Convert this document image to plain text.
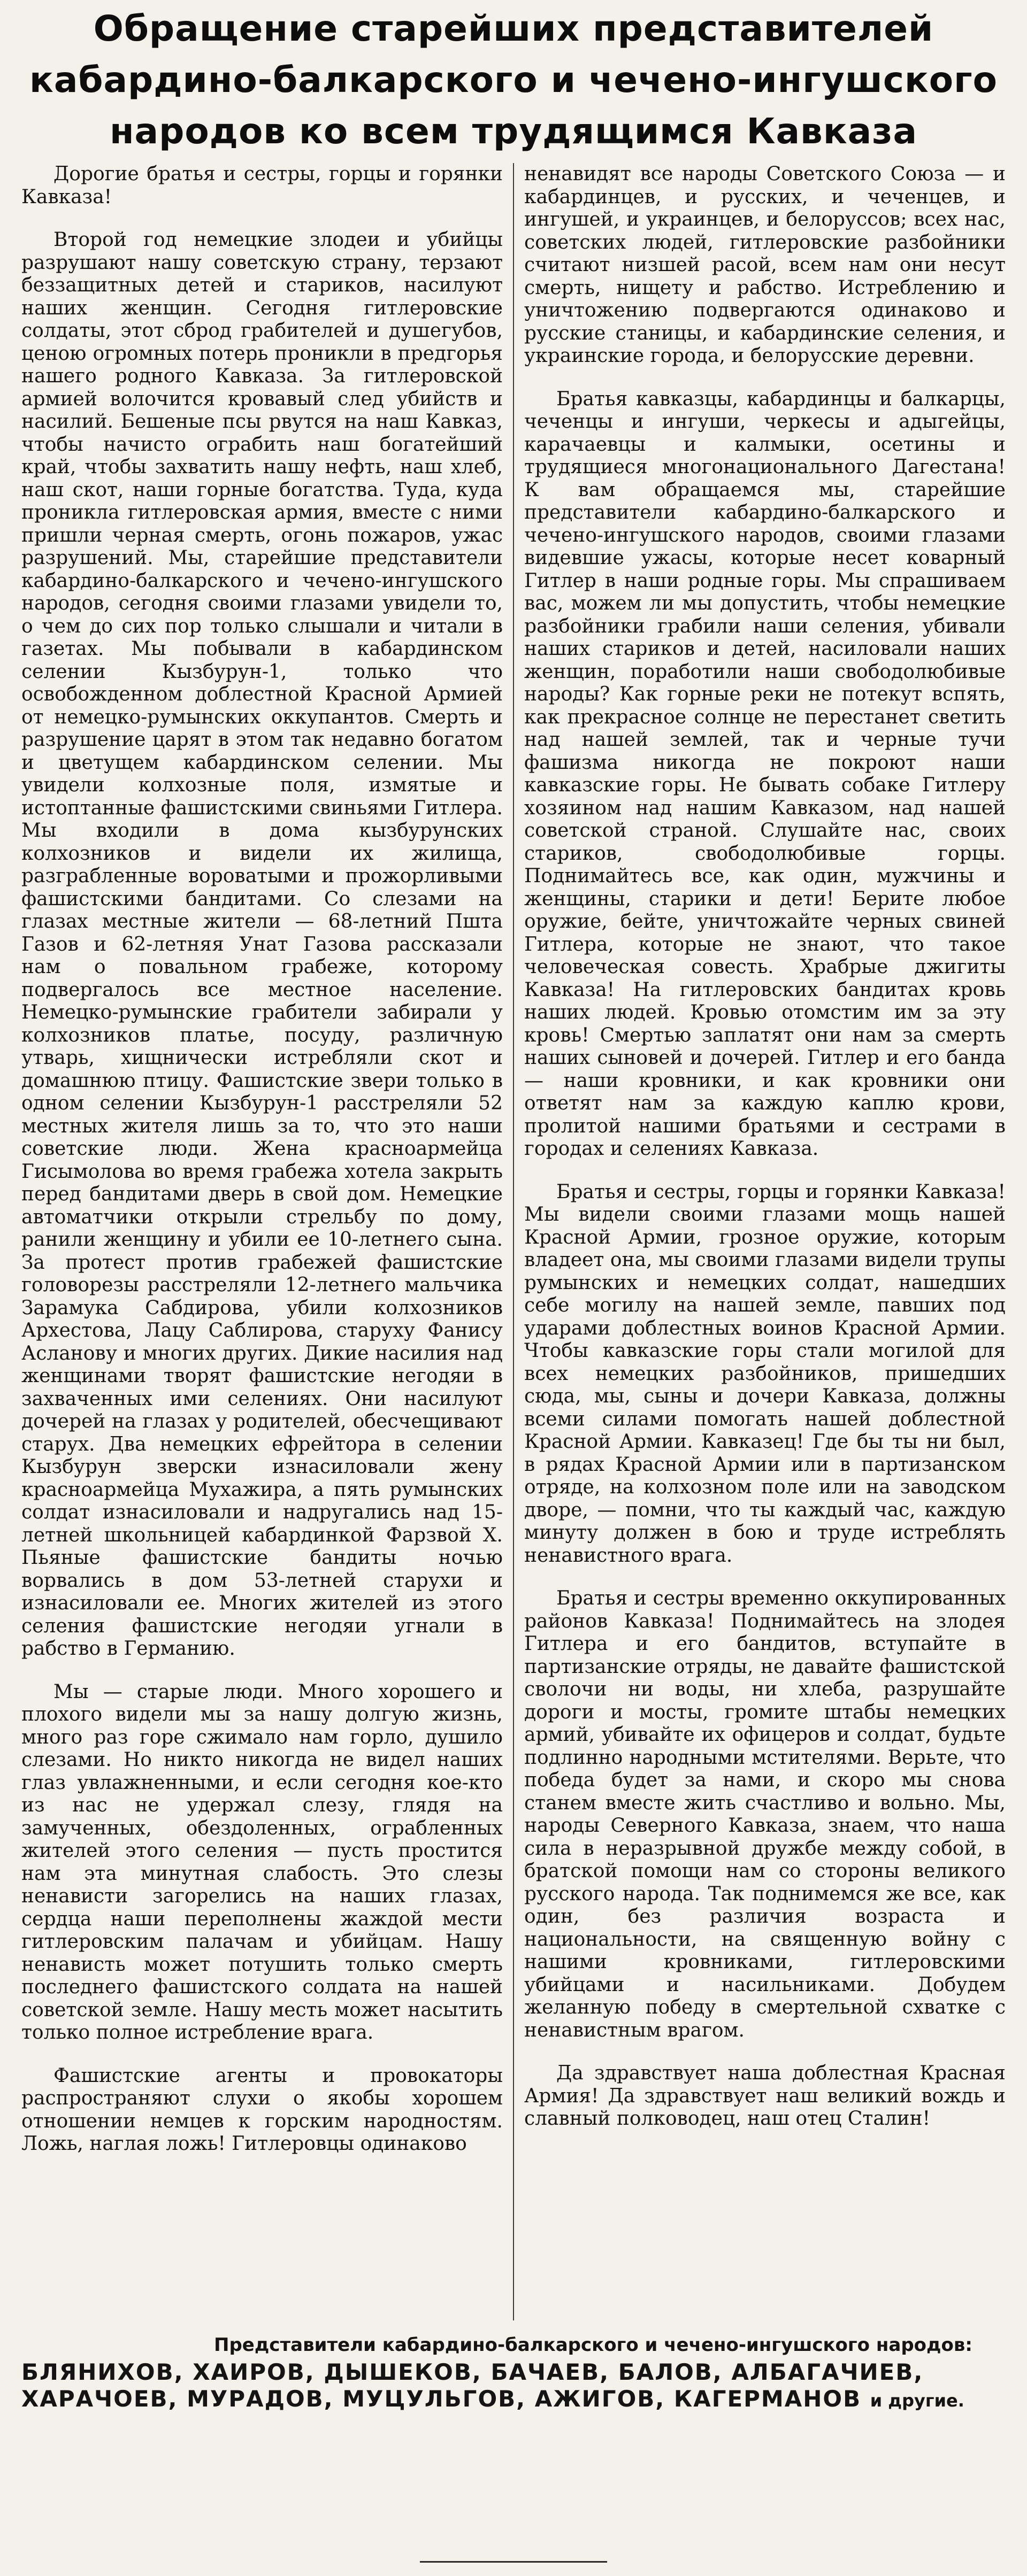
Обращение старейших представителей
кабардино-балкарского и чечено-ингушского
народов ко всем трудящимся Кавказа

Дорогие братья и сестры, горцы и горянки Кавказа!

Второй год немецкие злодеи и убийцы разрушают нашу советскую страну, терзают беззащитных детей и стариков, насилуют наших женщин. Сегодня гитлеровские солдаты, этот сброд грабителей и душегубов, ценою огромных потерь проникли в предгорья нашего родного Кавказа. За гитлеровской армией волочится кровавый след убийств и насилий. Бешеные псы рвутся на наш Кавказ, чтобы начисто ограбить наш богатейший край, чтобы захватить нашу нефть, наш хлеб, наш скот, наши горные богатства. Туда, куда проникла гитлеровская армия, вместе с ними пришли черная смерть, огонь пожаров, ужас разрушений. Мы, старейшие представители кабардино-балкарского и чечено-ингушского народов, сегодня своими глазами увидели то, о чем до сих пор только слышали и читали в газетах. Мы побывали в кабардинском селении Кызбурун-1, только что освобожденном доблестной Красной Армией от немецко-румынских оккупантов. Смерть и разрушение царят в этом так недавно богатом и цветущем кабардинском селении. Мы увидели колхозные поля, измятые и истоптанные фашистскими свиньями Гитлера. Мы входили в дома кызбурунских колхозников и видели их жилища, разграбленные вороватыми и прожорливыми фашистскими бандитами. Со слезами на глазах местные жители — 68-летний Пшта Газов и 62-летняя Унат Газова рассказали нам о повальном грабеже, которому подвергалось все местное население. Немецко-румынские грабители забирали у колхозников платье, посуду, различную утварь, хищнически истребляли скот и домашнюю птицу. Фашистские звери только в одном селении Кызбурун-1 расстреляли 52 местных жителя лишь за то, что это наши советские люди. Жена красноармейца Гисымолова во время грабежа хотела закрыть перед бандитами дверь в свой дом. Немецкие автоматчики открыли стрельбу по дому, ранили женщину и убили ее 10-летнего сына. За протест против грабежей фашистские головорезы расстреляли 12-летнего мальчика Зарамука Сабдирова, убили колхозников Архестова, Лацу Саблирова, старуху Фанису Асланову и многих других. Дикие насилия над женщинами творят фашистские негодяи в захваченных ими селениях. Они насилуют дочерей на глазах у родителей, обесчещивают старух. Два немецких ефрейтора в селении Кызбурун зверски изнасиловали жену красноармейца Мухажира, а пять румынских солдат изнасиловали и надругались над 15-летней школьницей кабардинкой Фарзвой Х. Пьяные фашистские бандиты ночью ворвались в дом 53-летней старухи и изнасиловали ее. Многих жителей из этого селения фашистские негодяи угнали в рабство в Германию.

Мы — старые люди. Много хорошего и плохого видели мы за нашу долгую жизнь, много раз горе сжимало нам горло, душило слезами. Но никто никогда не видел наших глаз увлажненными, и если сегодня кое-кто из нас не удержал слезу, глядя на замученных, обездоленных, ограбленных жителей этого селения — пусть простится нам эта минутная слабость. Это слезы ненависти загорелись на наших глазах, сердца наши переполнены жаждой мести гитлеровским палачам и убийцам. Нашу ненависть может потушить только смерть последнего фашистского солдата на нашей советской земле. Нашу месть может насытить только полное истребление врага.

Фашистские агенты и провокаторы распространяют слухи о якобы хорошем отношении немцев к горским народностям. Ложь, наглая ложь! Гитлеровцы одинаково

ненавидят все народы Советского Союза — и кабардинцев, и русских, и чеченцев, и ингушей, и украинцев, и белоруссов; всех нас, советских людей, гитлеровские разбойники считают низшей расой, всем нам они несут смерть, нищету и рабство. Истреблению и уничтожению подвергаются одинаково и русские станицы, и кабардинские селения, и украинские города, и белорусские деревни.

Братья кавказцы, кабардинцы и балкарцы, чеченцы и ингуши, черкесы и адыгейцы, карачаевцы и калмыки, осетины и трудящиеся многонационального Дагестана! К вам обращаемся мы, старейшие представители кабардино-балкарского и чечено-ингушского народов, своими глазами видевшие ужасы, которые несет коварный Гитлер в наши родные горы. Мы спрашиваем вас, можем ли мы допустить, чтобы немецкие разбойники грабили наши селения, убивали наших стариков и детей, насиловали наших женщин, поработили наши свободолюбивые народы? Как горные реки не потекут вспять, как прекрасное солнце не перестанет светить над нашей землей, так и черные тучи фашизма никогда не покроют наши кавказские горы. Не бывать собаке Гитлеру хозяином над нашим Кавказом, над нашей советской страной. Слушайте нас, своих стариков, свободолюбивые горцы. Поднимайтесь все, как один, мужчины и женщины, старики и дети! Берите любое оружие, бейте, уничтожайте черных свиней Гитлера, которые не знают, что такое человеческая совесть. Храбрые джигиты Кавказа! На гитлеровских бандитах кровь наших людей. Кровью отомстим им за эту кровь! Смертью заплатят они нам за смерть наших сыновей и дочерей. Гитлер и его банда — наши кровники, и как кровники они ответят нам за каждую каплю крови, пролитой нашими братьями и сестрами в городах и селениях Кавказа.

Братья и сестры, горцы и горянки Кавказа! Мы видели своими глазами мощь нашей Красной Армии, грозное оружие, которым владеет она, мы своими глазами видели трупы румынских и немецких солдат, нашедших себе могилу на нашей земле, павших под ударами доблестных воинов Красной Армии. Чтобы кавказские горы стали могилой для всех немецких разбойников, пришедших сюда, мы, сыны и дочери Кавказа, должны всеми силами помогать нашей доблестной Красной Армии. Кавказец! Где бы ты ни был, в рядах Красной Армии или в партизанском отряде, на колхозном поле или на заводском дворе, — помни, что ты каждый час, каждую минуту должен в бою и труде истреблять ненавистного врага.

Братья и сестры временно оккупированных районов Кавказа! Поднимайтесь на злодея Гитлера и его бандитов, вступайте в партизанские отряды, не давайте фашистской сволочи ни воды, ни хлеба, разрушайте дороги и мосты, громите штабы немецких армий, убивайте их офицеров и солдат, будьте подлинно народными мстителями. Верьте, что победа будет за нами, и скоро мы снова станем вместе жить счастливо и вольно. Мы, народы Северного Кавказа, знаем, что наша сила в неразрывной дружбе между собой, в братской помощи нам со стороны великого русского народа. Так поднимемся же все, как один, без различия возраста и национальности, на священную войну с нашими кровниками, гитлеровскими убийцами и насильниками. Добудем желанную победу в смертельной схватке с ненавистным врагом.

Да здравствует наша доблестная Красная Армия! Да здравствует наш великий вождь и славный полководец, наш отец Сталин!

Представители кабардино-балкарского и чечено-ингушского народов:

БЛЯНИХОВ, ХАИРОВ, ДЫШЕКОВ, БАЧАЕВ, БАЛОВ, АЛБАГАЧИЕВ, ХАРАЧОЕВ, МУРАДОВ, МУЦУЛЬГОВ, АЖИГОВ, КАГЕРМАНОВ и другие.
